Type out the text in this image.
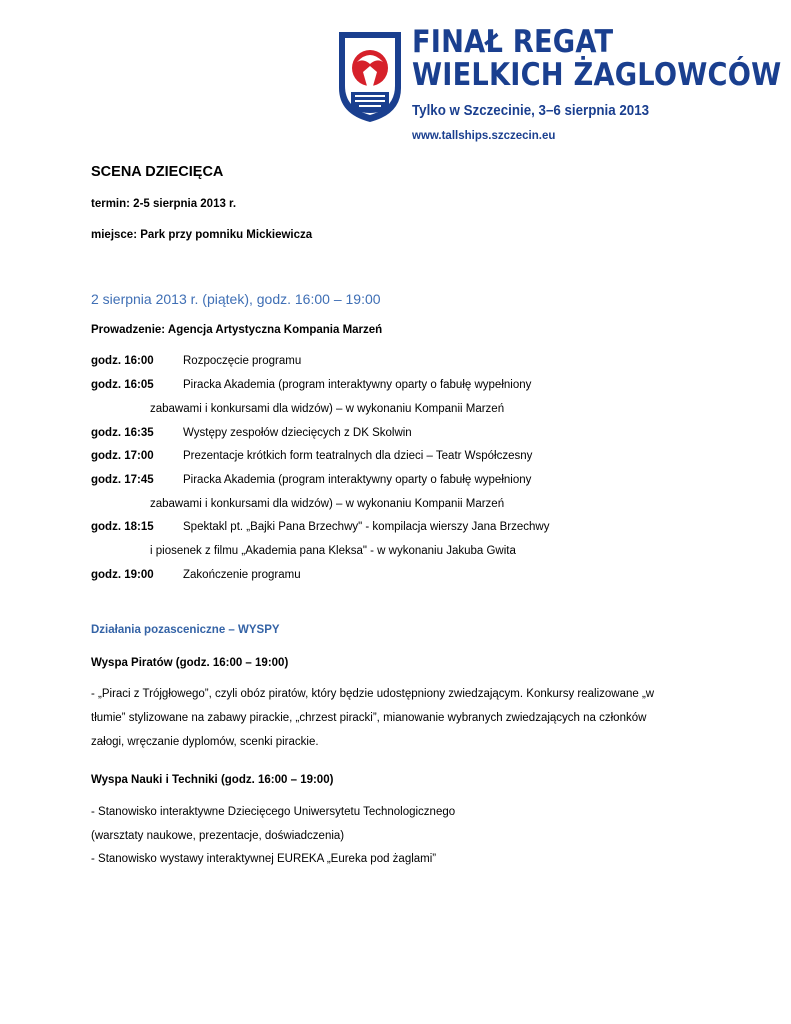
FINAŁ REGAT
WIELKICH ŻAGLOWCÓW
Tylko w Szczecinie, 3–6 sierpnia 2013
www.tallships.szczecin.eu
SCENA DZIECIĘCA
termin: 2-5 sierpnia 2013 r.
miejsce: Park przy pomniku Mickiewicza
2 sierpnia 2013 r. (piątek), godz. 16:00 – 19:00
Prowadzenie: Agencja Artystyczna Kompania Marzeń
godz. 16:00	Rozpoczęcie programu
godz. 16:05	Piracka Akademia (program interaktywny oparty o fabułę wypełniony
zabawami i konkursami dla widzów) – w wykonaniu Kompanii Marzeń
godz. 16:35	Występy zespołów dziecięcych z DK Skolwin
godz. 17:00	Prezentacje krótkich form teatralnych dla dzieci – Teatr Współczesny
godz. 17:45	Piracka Akademia (program interaktywny oparty o fabułę wypełniony
zabawami i konkursami dla widzów) – w wykonaniu Kompanii Marzeń
godz. 18:15	Spektakl pt. „Bajki Pana Brzechwy" - kompilacja wierszy Jana Brzechwy
i piosenek z filmu „Akademia pana Kleksa" - w wykonaniu Jakuba Gwita
godz. 19:00	Zakończenie programu
Działania pozasceniczne – WYSPY
Wyspa Piratów (godz. 16:00 – 19:00)
- „Piraci z Trójgłowego”, czyli obóz piratów, który będzie udostępniony zwiedzającym. Konkursy realizowane „w
tłumie” stylizowane na zabawy pirackie, „chrzest piracki”, mianowanie wybranych zwiedzających na członków
załogi, wręczanie dyplomów, scenki pirackie.
Wyspa Nauki i Techniki (godz. 16:00 – 19:00)
- Stanowisko interaktywne Dziecięcego Uniwersytetu Technologicznego
(warsztaty naukowe, prezentacje, doświadczenia)
- Stanowisko wystawy interaktywnej EUREKA „Eureka pod żaglami”
